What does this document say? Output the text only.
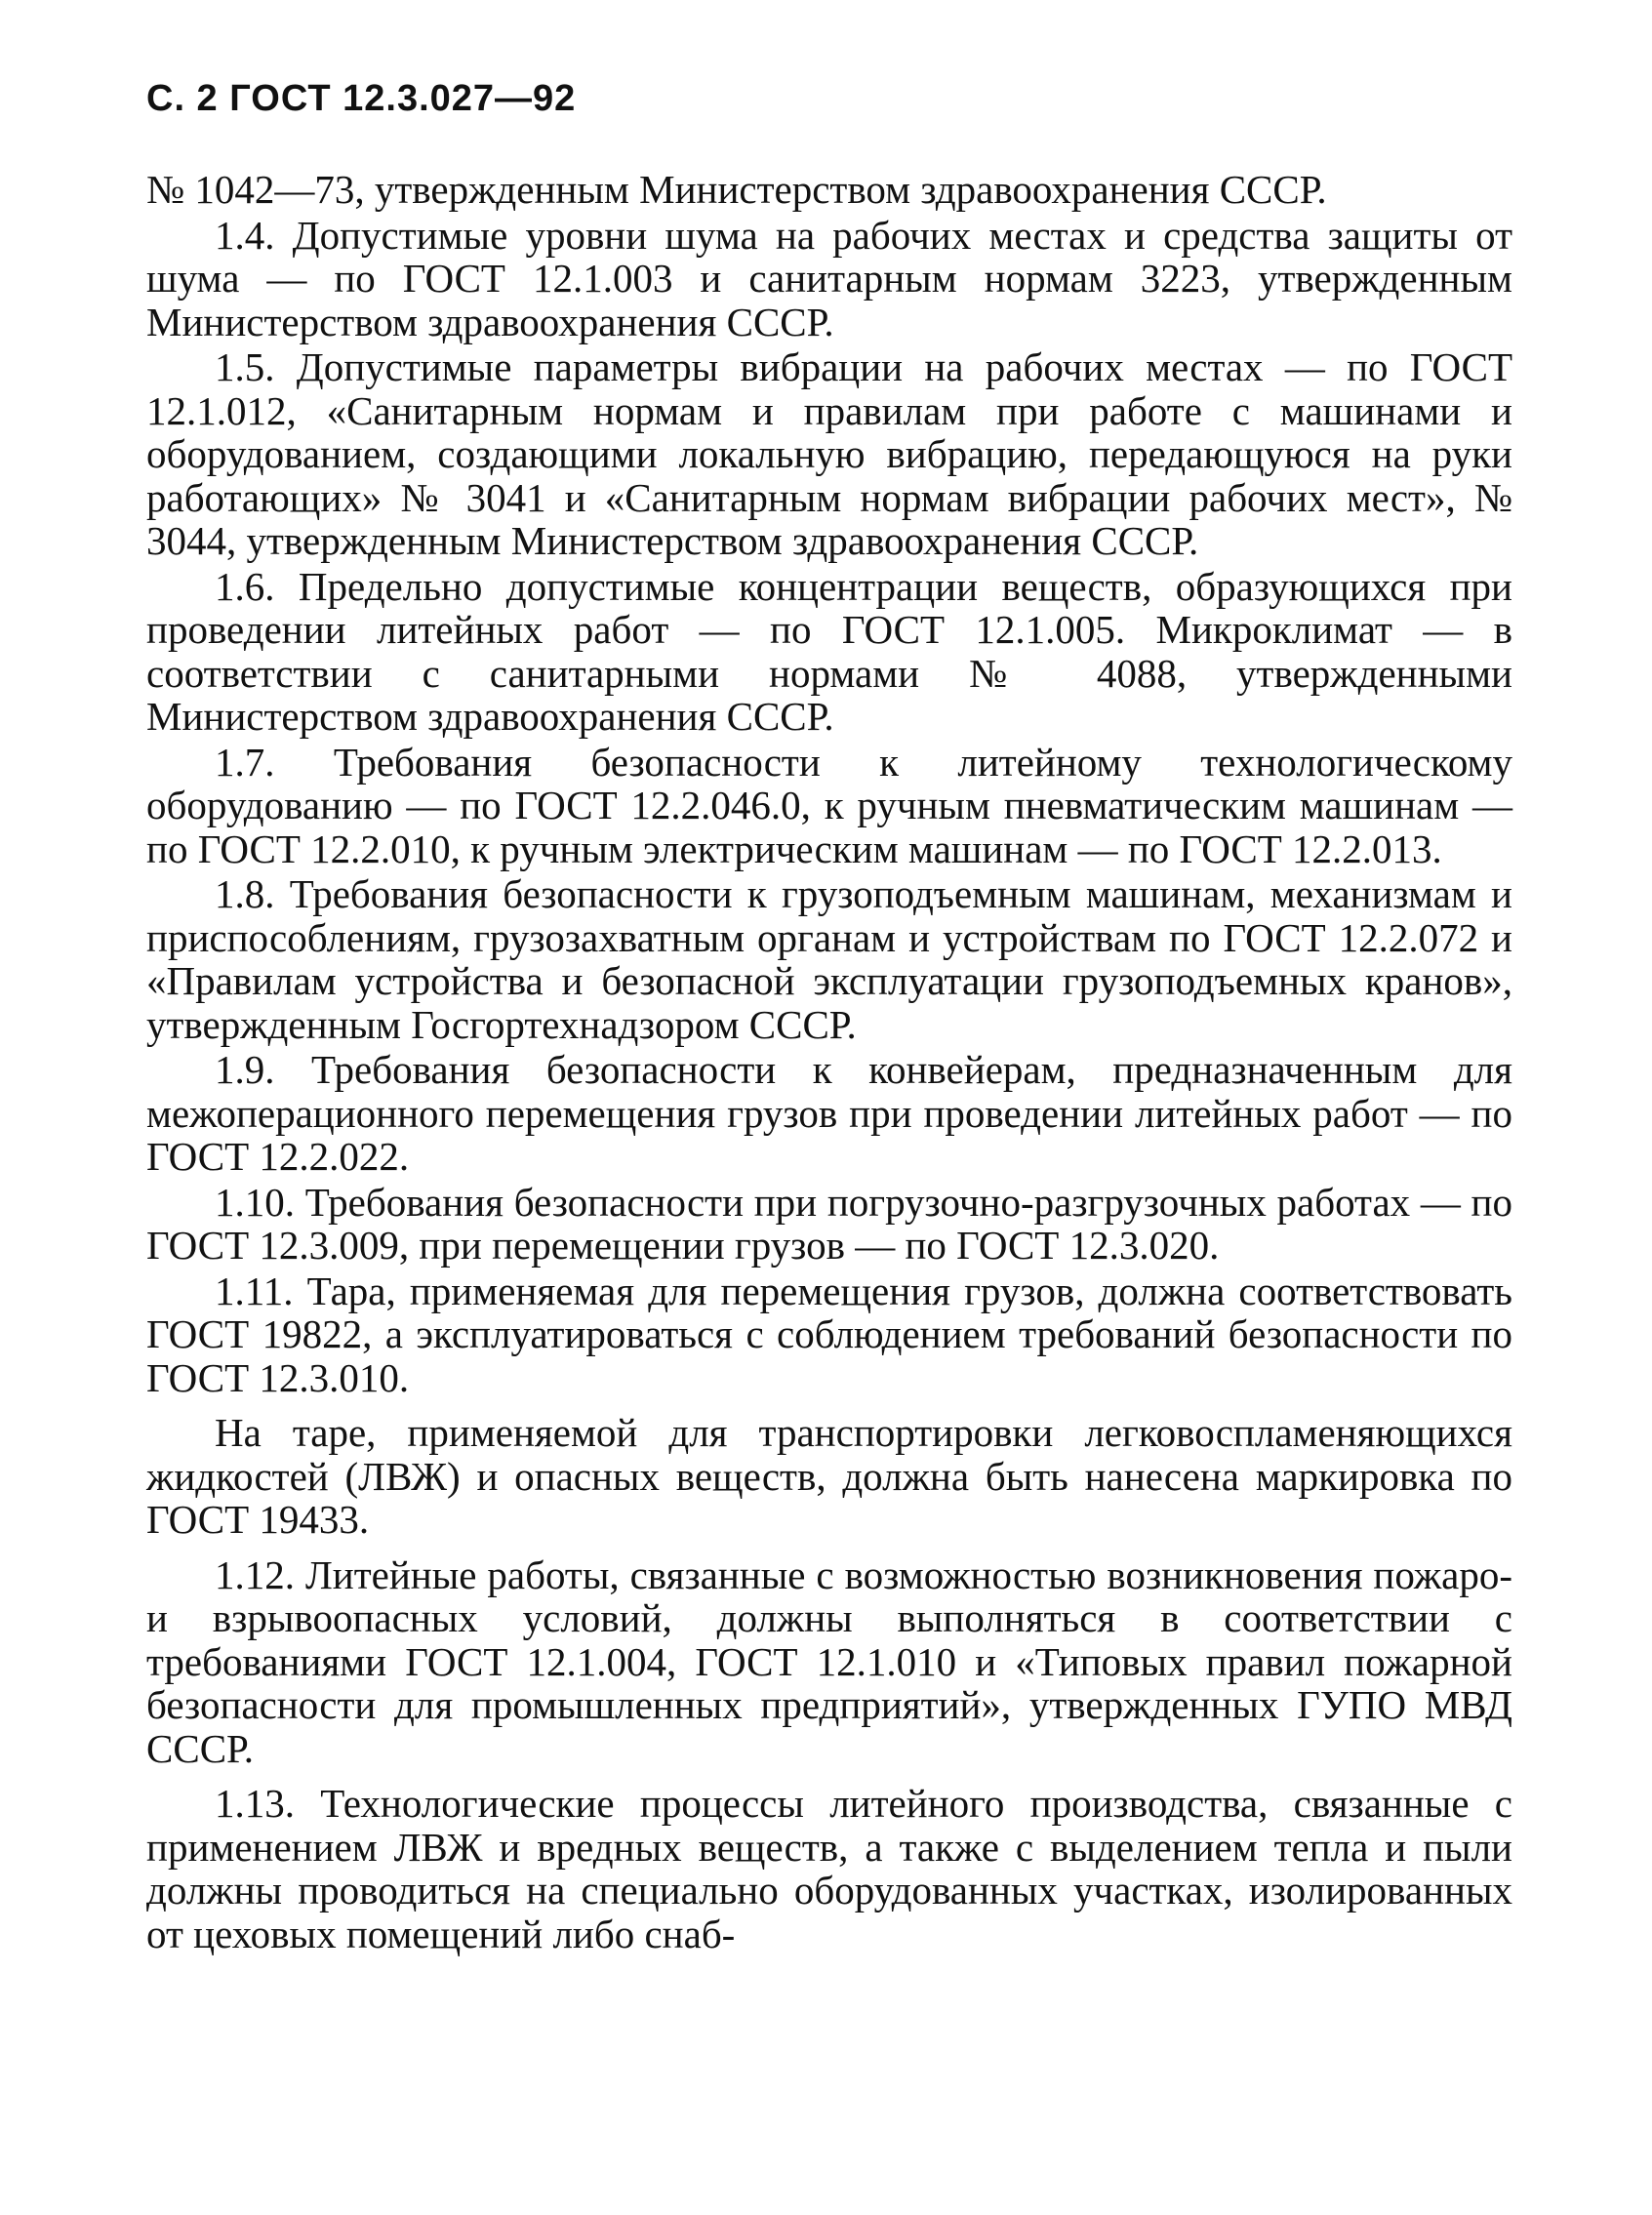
С. 2 ГОСТ 12.3.027—92

№ 1042—73, утвержденным Министерством здравоохранения СССР.

1.4. Допустимые уровни шума на рабочих местах и средства защиты от шума — по ГОСТ 12.1.003 и санитарным нормам 3223, утвержденным Министерством здравоохранения СССР.

1.5. Допустимые параметры вибрации на рабочих местах — по ГОСТ 12.1.012, «Санитарным нормам и правилам при работе с машинами и оборудованием, создающими локальную вибрацию, передающуюся на руки работающих» № 3041 и «Санитарным нормам вибрации рабочих мест», № 3044, утвержденным Министерством здравоохранения СССР.

1.6. Предельно допустимые концентрации веществ, образующихся при проведении литейных работ — по ГОСТ 12.1.005. Микроклимат — в соответствии с санитарными нормами № 4088, утвержденными Министерством здравоохранения СССР.

1.7. Требования безопасности к литейному технологическому оборудованию — по ГОСТ 12.2.046.0, к ручным пневматическим машинам — по ГОСТ 12.2.010, к ручным электрическим машинам — по ГОСТ 12.2.013.

1.8. Требования безопасности к грузоподъемным машинам, механизмам и приспособлениям, грузозахватным органам и устройствам по ГОСТ 12.2.072 и «Правилам устройства и безопасной эксплуатации грузоподъемных кранов», утвержденным Госгортехнадзором СССР.

1.9. Требования безопасности к конвейерам, предназначенным для межоперационного перемещения грузов при проведении литейных работ — по ГОСТ 12.2.022.

1.10. Требования безопасности при погрузочно-разгрузочных работах — по ГОСТ 12.3.009, при перемещении грузов — по ГОСТ 12.3.020.

1.11. Тара, применяемая для перемещения грузов, должна соответствовать ГОСТ 19822, а эксплуатироваться с соблюдением требований безопасности по ГОСТ 12.3.010.

На таре, применяемой для транспортировки легковоспламеняющихся жидкостей (ЛВЖ) и опасных веществ, должна быть нанесена маркировка по ГОСТ 19433.

1.12. Литейные работы, связанные с возможностью возникновения пожаро- и взрывоопасных условий, должны выполняться в соответствии с требованиями ГОСТ 12.1.004, ГОСТ 12.1.010 и «Типовых правил пожарной безопасности для промышленных предприятий», утвержденных ГУПО МВД СССР.

1.13. Технологические процессы литейного производства, связанные с применением ЛВЖ и вредных веществ, а также с выделением тепла и пыли должны проводиться на специально оборудованных участках, изолированных от цеховых помещений либо снаб-
